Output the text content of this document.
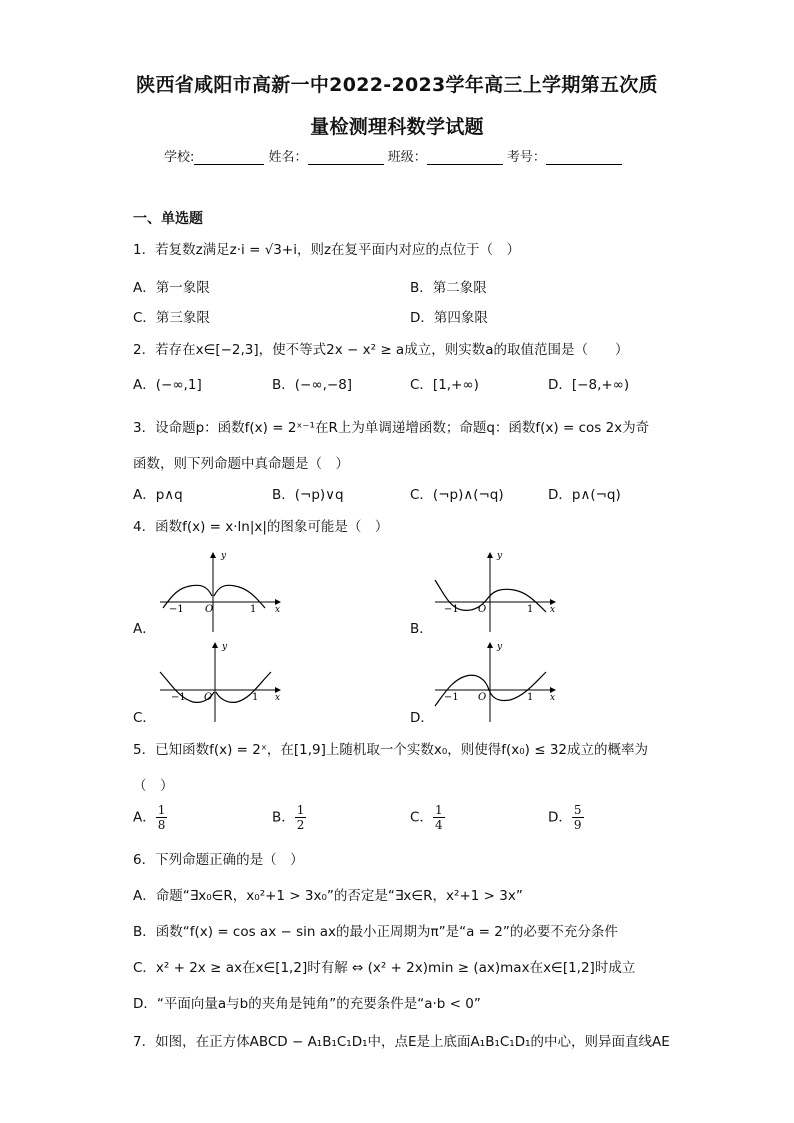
陕西省咸阳市高新一中2022-2023学年高三上学期第五次质
量检测理科数学试题
学校:	姓名：	班级：	考号：
一、单选题
1．若复数z满足z·i = √3+i，则z在复平面内对应的点位于（　）
A．第一象限	B．第二象限
C．第三象限	D．第四象限
2．若存在x∈[−2,3]，使不等式2x − x² ≥ a成立，则实数a的取值范围是（　　）
A．(−∞,1]	B．(−∞,−8]	C．[1,+∞)	D．[−8,+∞)
3．设命题p：函数f(x) = 2ˣ⁻¹在R上为单调递增函数；命题q：函数f(x) = cos 2x为奇
函数，则下列命题中真命题是（　）
A．p∧q	B．(¬p)∨q	C．(¬p)∧(¬q)	D．p∧(¬q)
4．函数f(x) = x·ln|x|的图象可能是（　）
A．
y
x
O
−1	1
B．
y
x
O
−1	1
C．
y
x
O
−1	1
D．
y
x
O
−1	1
5．已知函数f(x) = 2ˣ，在[1,9]上随机取一个实数x₀，则使得f(x₀) ≤ 32成立的概率为
（　）
A． $\frac{1}{8}$	B． $\frac{1}{2}$	C． $\frac{1}{4}$	D． $\frac{5}{9}$
6．下列命题正确的是（　）
A．命题“∃x₀∈R，x₀²+1 > 3x₀”的否定是“∃x∈R，x²+1 > 3x”
B．函数“f(x) = cos ax − sin ax的最小正周期为π”是“a = 2”的必要不充分条件
C．x² + 2x ≥ ax在x∈[1,2]时有解 ⇔ (x² + 2x)min ≥ (ax)max在x∈[1,2]时成立
D．“平面向量a与b的夹角是钝角”的充要条件是“a·b < 0”
7．如图，在正方体ABCD − A₁B₁C₁D₁中，点E是上底面A₁B₁C₁D₁的中心，则异面直线AE
